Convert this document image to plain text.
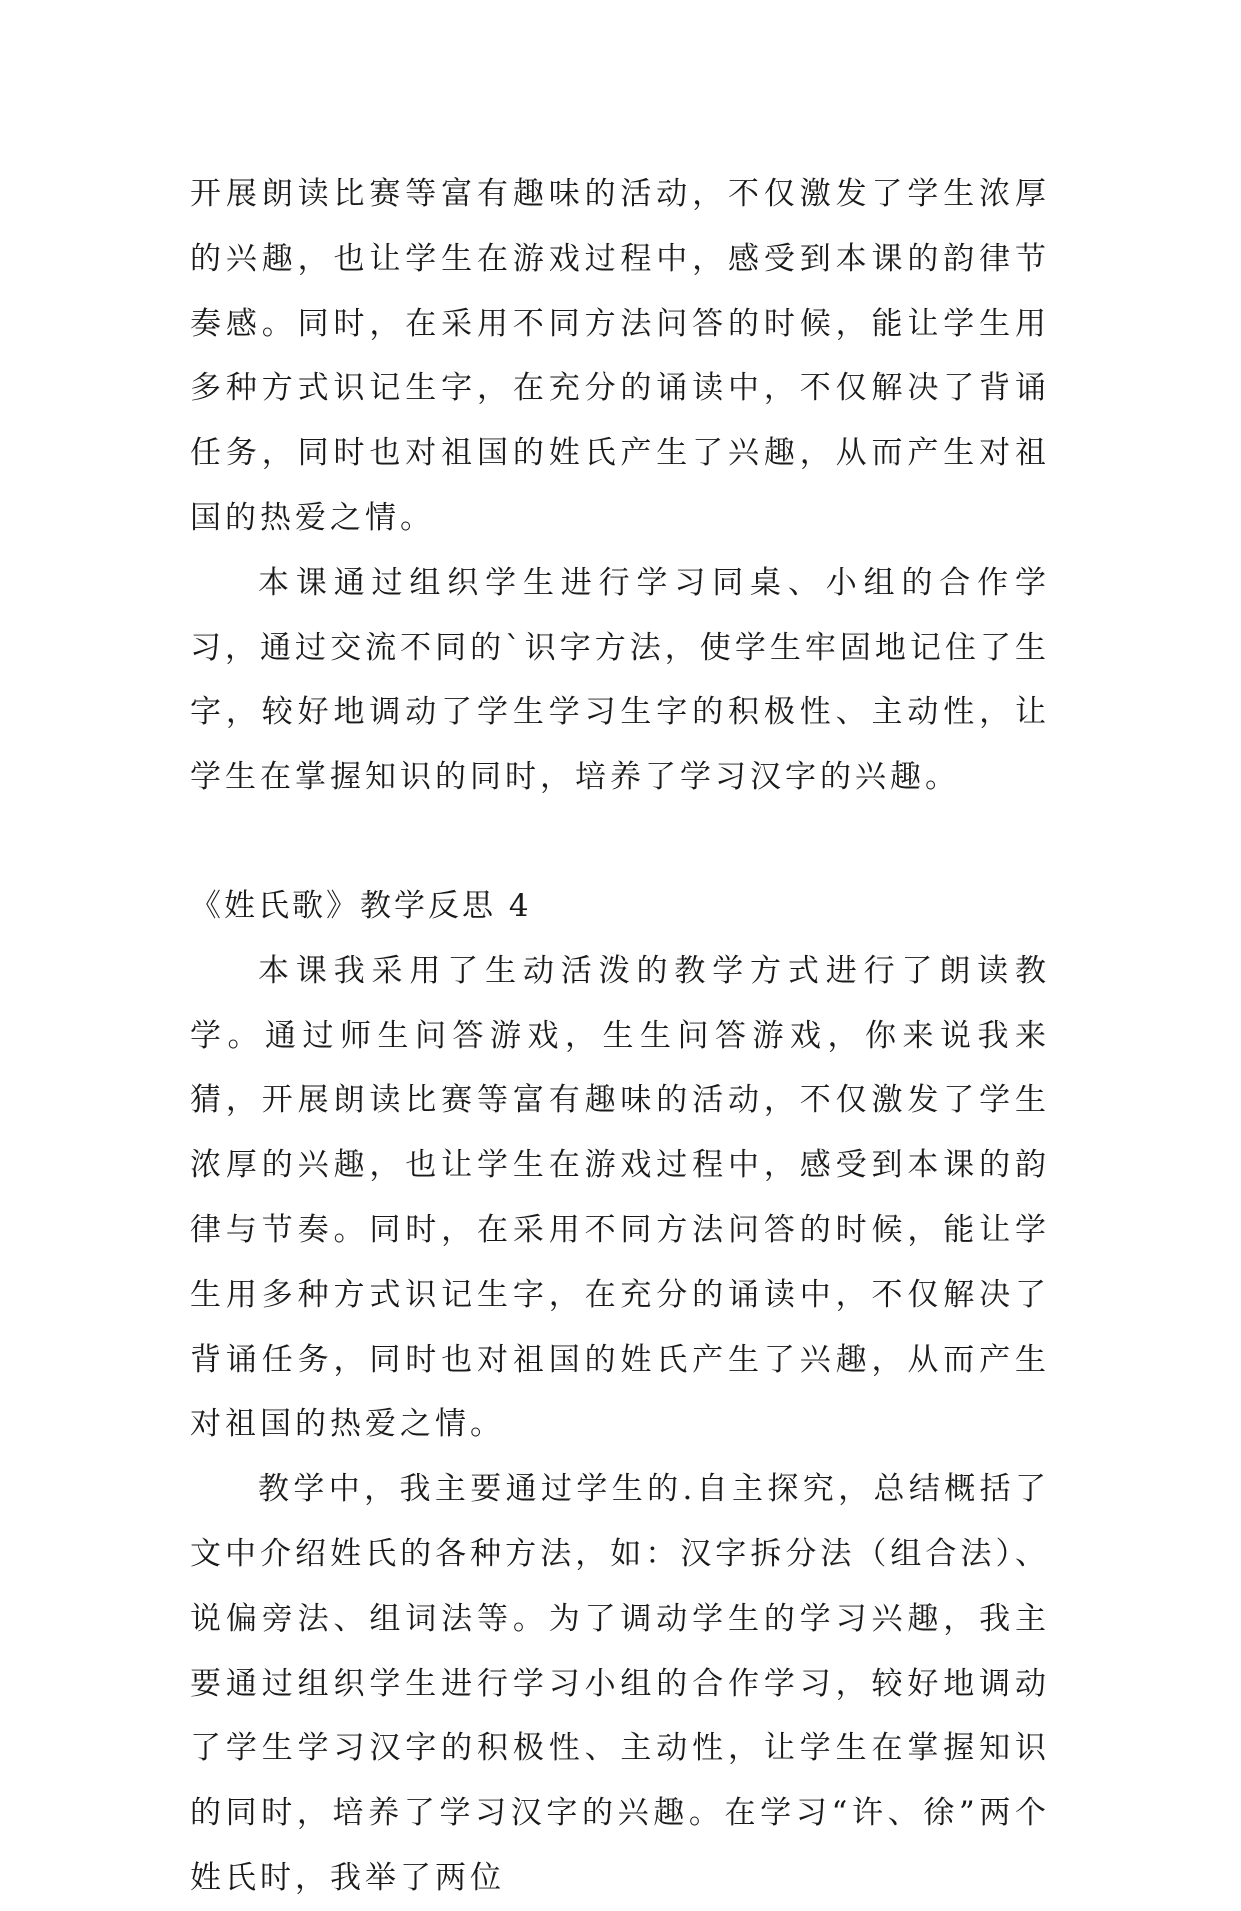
开展朗读比赛等富有趣味的活动，不仅激发了学生浓厚的兴趣，也让学生在游戏过程中，感受到本课的韵律节奏感。同时，在采用不同方法问答的时候，能让学生用多种方式识记生字，在充分的诵读中，不仅解决了背诵任务，同时也对祖国的姓氏产生了兴趣，从而产生对祖国的热爱之情。

本课通过组织学生进行学习同桌、小组的合作学习，通过交流不同的`识字方法，使学生牢固地记住了生字，较好地调动了学生学习生字的积极性、主动性，让学生在掌握知识的同时，培养了学习汉字的兴趣。

《姓氏歌》教学反思 4

本课我采用了生动活泼的教学方式进行了朗读教学。通过师生问答游戏，生生问答游戏，你来说我来猜，开展朗读比赛等富有趣味的活动，不仅激发了学生浓厚的兴趣，也让学生在游戏过程中，感受到本课的韵律与节奏。同时，在采用不同方法问答的时候，能让学生用多种方式识记生字，在充分的诵读中，不仅解决了背诵任务，同时也对祖国的姓氏产生了兴趣，从而产生对祖国的热爱之情。

教学中，我主要通过学生的.自主探究，总结概括了文中介绍姓氏的各种方法，如：汉字拆分法（组合法）、说偏旁法、组词法等。为了调动学生的学习兴趣，我主要通过组织学生进行学习小组的合作学习，较好地调动了学生学习汉字的积极性、主动性，让学生在掌握知识的同时，培养了学习汉字的兴趣。在学习“许、徐”两个姓氏时，我举了两位
